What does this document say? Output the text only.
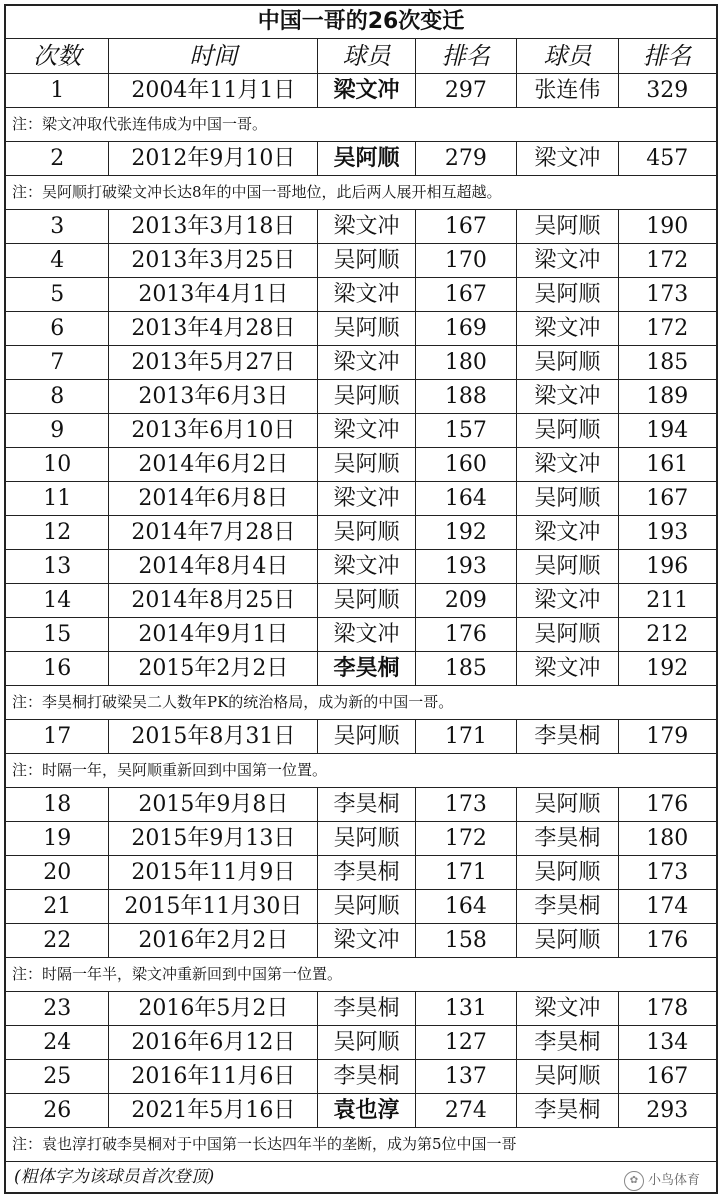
中国一哥的26次变迁
次数	时间	球员	排名	球员	排名
1	2004年11月1日	梁文冲	297	张连伟	329
注：梁文冲取代张连伟成为中国一哥。
2	2012年9月10日	吴阿顺	279	梁文冲	457
注：吴阿顺打破梁文冲长达8年的中国一哥地位，此后两人展开相互超越。
3	2013年3月18日	梁文冲	167	吴阿顺	190
4	2013年3月25日	吴阿顺	170	梁文冲	172
5	2013年4月1日	梁文冲	167	吴阿顺	173
6	2013年4月28日	吴阿顺	169	梁文冲	172
7	2013年5月27日	梁文冲	180	吴阿顺	185
8	2013年6月3日	吴阿顺	188	梁文冲	189
9	2013年6月10日	梁文冲	157	吴阿顺	194
10	2014年6月2日	吴阿顺	160	梁文冲	161
11	2014年6月8日	梁文冲	164	吴阿顺	167
12	2014年7月28日	吴阿顺	192	梁文冲	193
13	2014年8月4日	梁文冲	193	吴阿顺	196
14	2014年8月25日	吴阿顺	209	梁文冲	211
15	2014年9月1日	梁文冲	176	吴阿顺	212
16	2015年2月2日	李昊桐	185	梁文冲	192
注：李昊桐打破梁吴二人数年PK的统治格局，成为新的中国一哥。
17	2015年8月31日	吴阿顺	171	李昊桐	179
注：时隔一年，吴阿顺重新回到中国第一位置。
18	2015年9月8日	李昊桐	173	吴阿顺	176
19	2015年9月13日	吴阿顺	172	李昊桐	180
20	2015年11月9日	李昊桐	171	吴阿顺	173
21	2015年11月30日	吴阿顺	164	李昊桐	174
22	2016年2月2日	梁文冲	158	吴阿顺	176
注：时隔一年半，梁文冲重新回到中国第一位置。
23	2016年5月2日	李昊桐	131	梁文冲	178
24	2016年6月12日	吴阿顺	127	李昊桐	134
25	2016年11月6日	李昊桐	137	吴阿顺	167
26	2021年5月16日	袁也淳	274	李昊桐	293
注：袁也淳打破李昊桐对于中国第一长达四年半的垄断，成为第5位中国一哥
(粗体字为该球员首次登顶)	✿ 小鸟体育
